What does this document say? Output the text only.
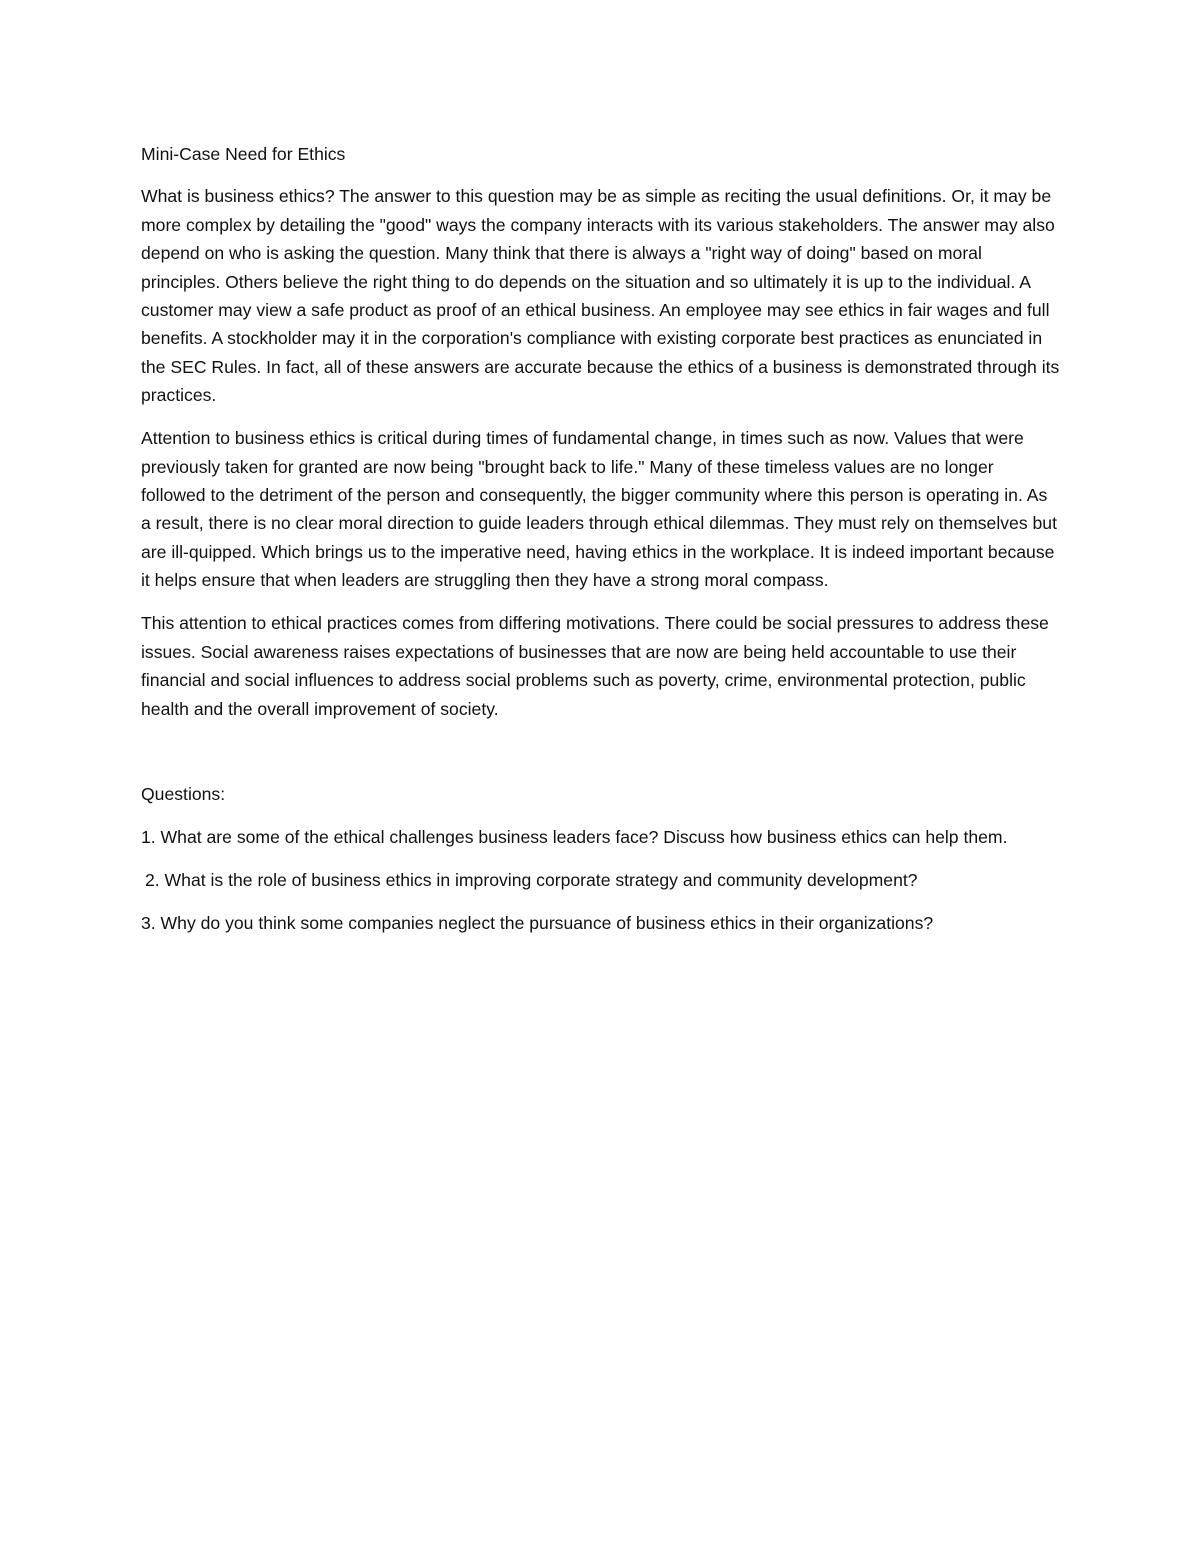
Mini-Case Need for Ethics

What is business ethics? The answer to this question may be as simple as reciting the usual definitions. Or, it may be more complex by detailing the "good" ways the company interacts with its various stakeholders. The answer may also depend on who is asking the question. Many think that there is always a "right way of doing" based on moral principles. Others believe the right thing to do depends on the situation and so ultimately it is up to the individual. A customer may view a safe product as proof of an ethical business. An employee may see ethics in fair wages and full benefits. A stockholder may it in the corporation's compliance with existing corporate best practices as enunciated in the SEC Rules. In fact, all of these answers are accurate because the ethics of a business is demonstrated through its practices.

Attention to business ethics is critical during times of fundamental change, in times such as now. Values that were previously taken for granted are now being "brought back to life." Many of these timeless values are no longer followed to the detriment of the person and consequently, the bigger community where this person is operating in. As a result, there is no clear moral direction to guide leaders through ethical dilemmas. They must rely on themselves but are ill-quipped. Which brings us to the imperative need, having ethics in the workplace. It is indeed important because it helps ensure that when leaders are struggling then they have a strong moral compass.

This attention to ethical practices comes from differing motivations. There could be social pressures to address these issues. Social awareness raises expectations of businesses that are now are being held accountable to use their financial and social influences to address social problems such as poverty, crime, environmental protection, public health and the overall improvement of society.

Questions:

1. What are some of the ethical challenges business leaders face? Discuss how business ethics can help them.

2. What is the role of business ethics in improving corporate strategy and community development?

3. Why do you think some companies neglect the pursuance of business ethics in their organizations?
